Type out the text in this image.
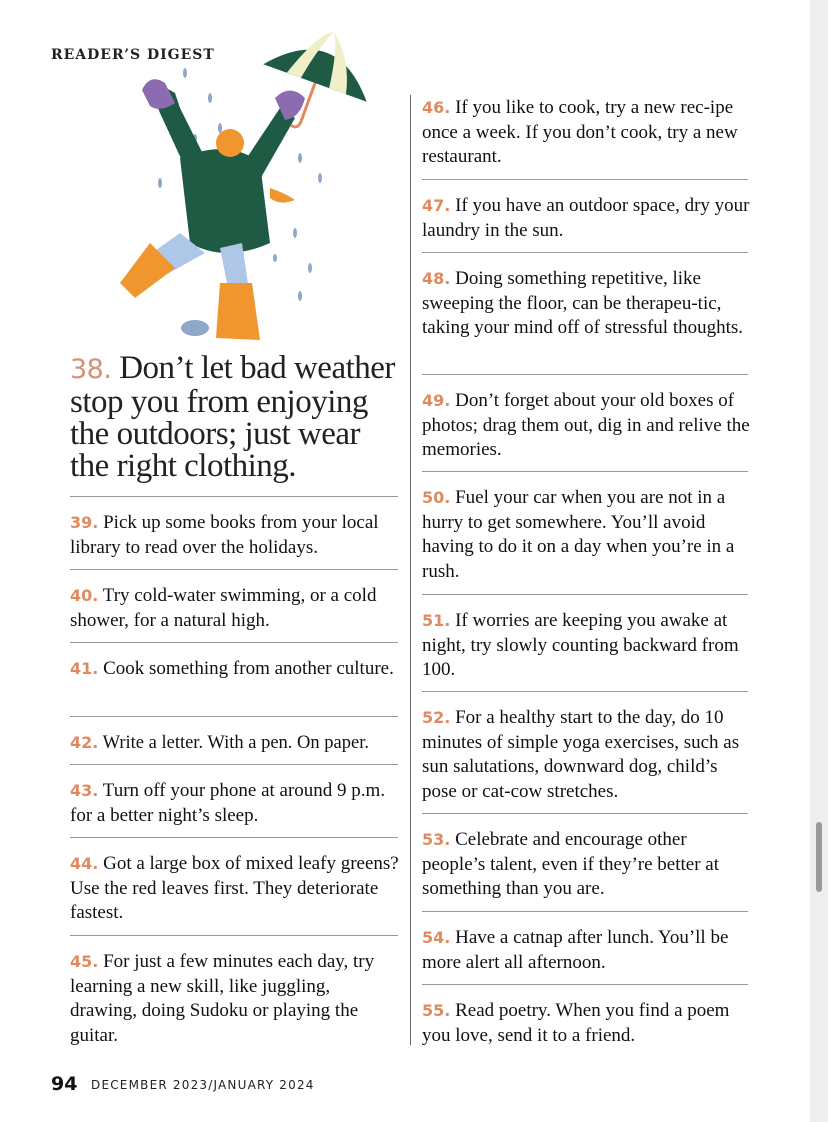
READER’S DIGEST
38. Don’t let bad weather stop you from enjoying the outdoors; just wear the right clothing.
39. Pick up some books from your local library to read over the holidays.
40. Try cold-water swimming, or a cold shower, for a natural high.
41. Cook something from another culture.
42. Write a letter. With a pen. On paper.
43. Turn off your phone at around 9 p.m. for a better night’s sleep.
44. Got a large box of mixed leafy greens? Use the red leaves first. They deteriorate fastest.
45. For just a few minutes each day, try learning a new skill, like juggling, drawing, doing Sudoku or playing the guitar.
46. If you like to cook, try a new rec-ipe once a week. If you don’t cook, try a new restaurant.
47. If you have an outdoor space, dry your laundry in the sun.
48. Doing something repetitive, like sweeping the floor, can be therapeu-tic, taking your mind off of stressful thoughts.
49. Don’t forget about your old boxes of photos; drag them out, dig in and relive the memories.
50. Fuel your car when you are not in a hurry to get somewhere. You’ll avoid having to do it on a day when you’re in a rush.
51. If worries are keeping you awake at night, try slowly counting backward from 100.
52. For a healthy start to the day, do 10 minutes of simple yoga exercises, such as sun salutations, downward dog, child’s pose or cat-cow stretches.
53. Celebrate and encourage other people’s talent, even if they’re better at something than you are.
54. Have a catnap after lunch. You’ll be more alert all afternoon.
55. Read poetry. When you find a poem you love, send it to a friend.
94 DECEMBER 2023/JANUARY 2024
